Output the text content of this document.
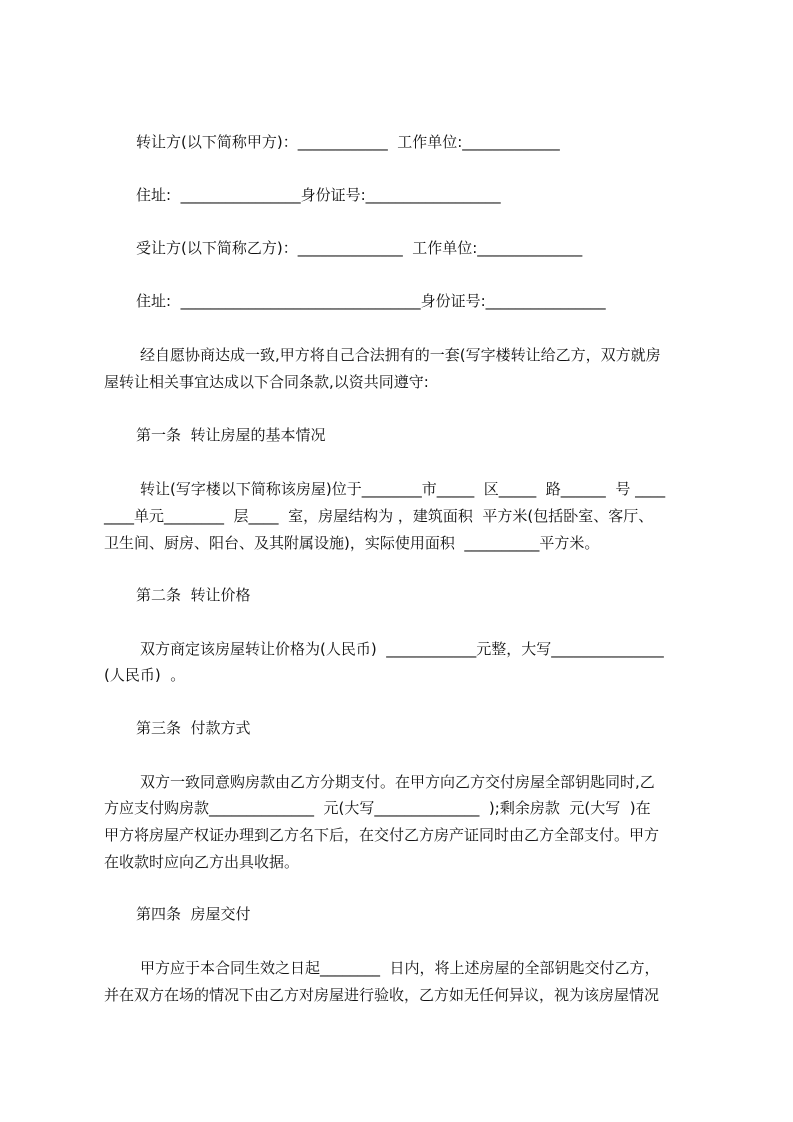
转让方(以下简称甲方)：____________  工作单位:_____________
住址:  ________________身份证号:__________________
受让方(以下简称乙方)：______________  工作单位:______________
住址:  ________________________________身份证号:________________
经自愿协商达成一致,甲方将自己合法拥有的一套(写字楼转让给乙方，双方就房
屋转让相关事宜达成以下合同条款,以资共同遵守:
第一条  转让房屋的基本情况
转让(写字楼以下简称该房屋)位于________市_____  区_____  路______  号 ____
____单元________  层____  室，房屋结构为 ，建筑面积  平方米(包括卧室、客厅、
卫生间、厨房、阳台、及其附属设施)，实际使用面积  __________平方米。
第二条  转让价格
双方商定该房屋转让价格为(人民币)  ____________元整，大写_______________
(人民币)  。
第三条  付款方式
双方一致同意购房款由乙方分期支付。在甲方向乙方交付房屋全部钥匙同时,乙
方应支付购房款______________  元(大写______________  );剩余房款  元(大写  )在
甲方将房屋产权证办理到乙方名下后，在交付乙方房产证同时由乙方全部支付。甲方
在收款时应向乙方出具收据。
第四条  房屋交付
甲方应于本合同生效之日起________  日内，将上述房屋的全部钥匙交付乙方，
并在双方在场的情况下由乙方对房屋进行验收，乙方如无任何异议，视为该房屋情况
